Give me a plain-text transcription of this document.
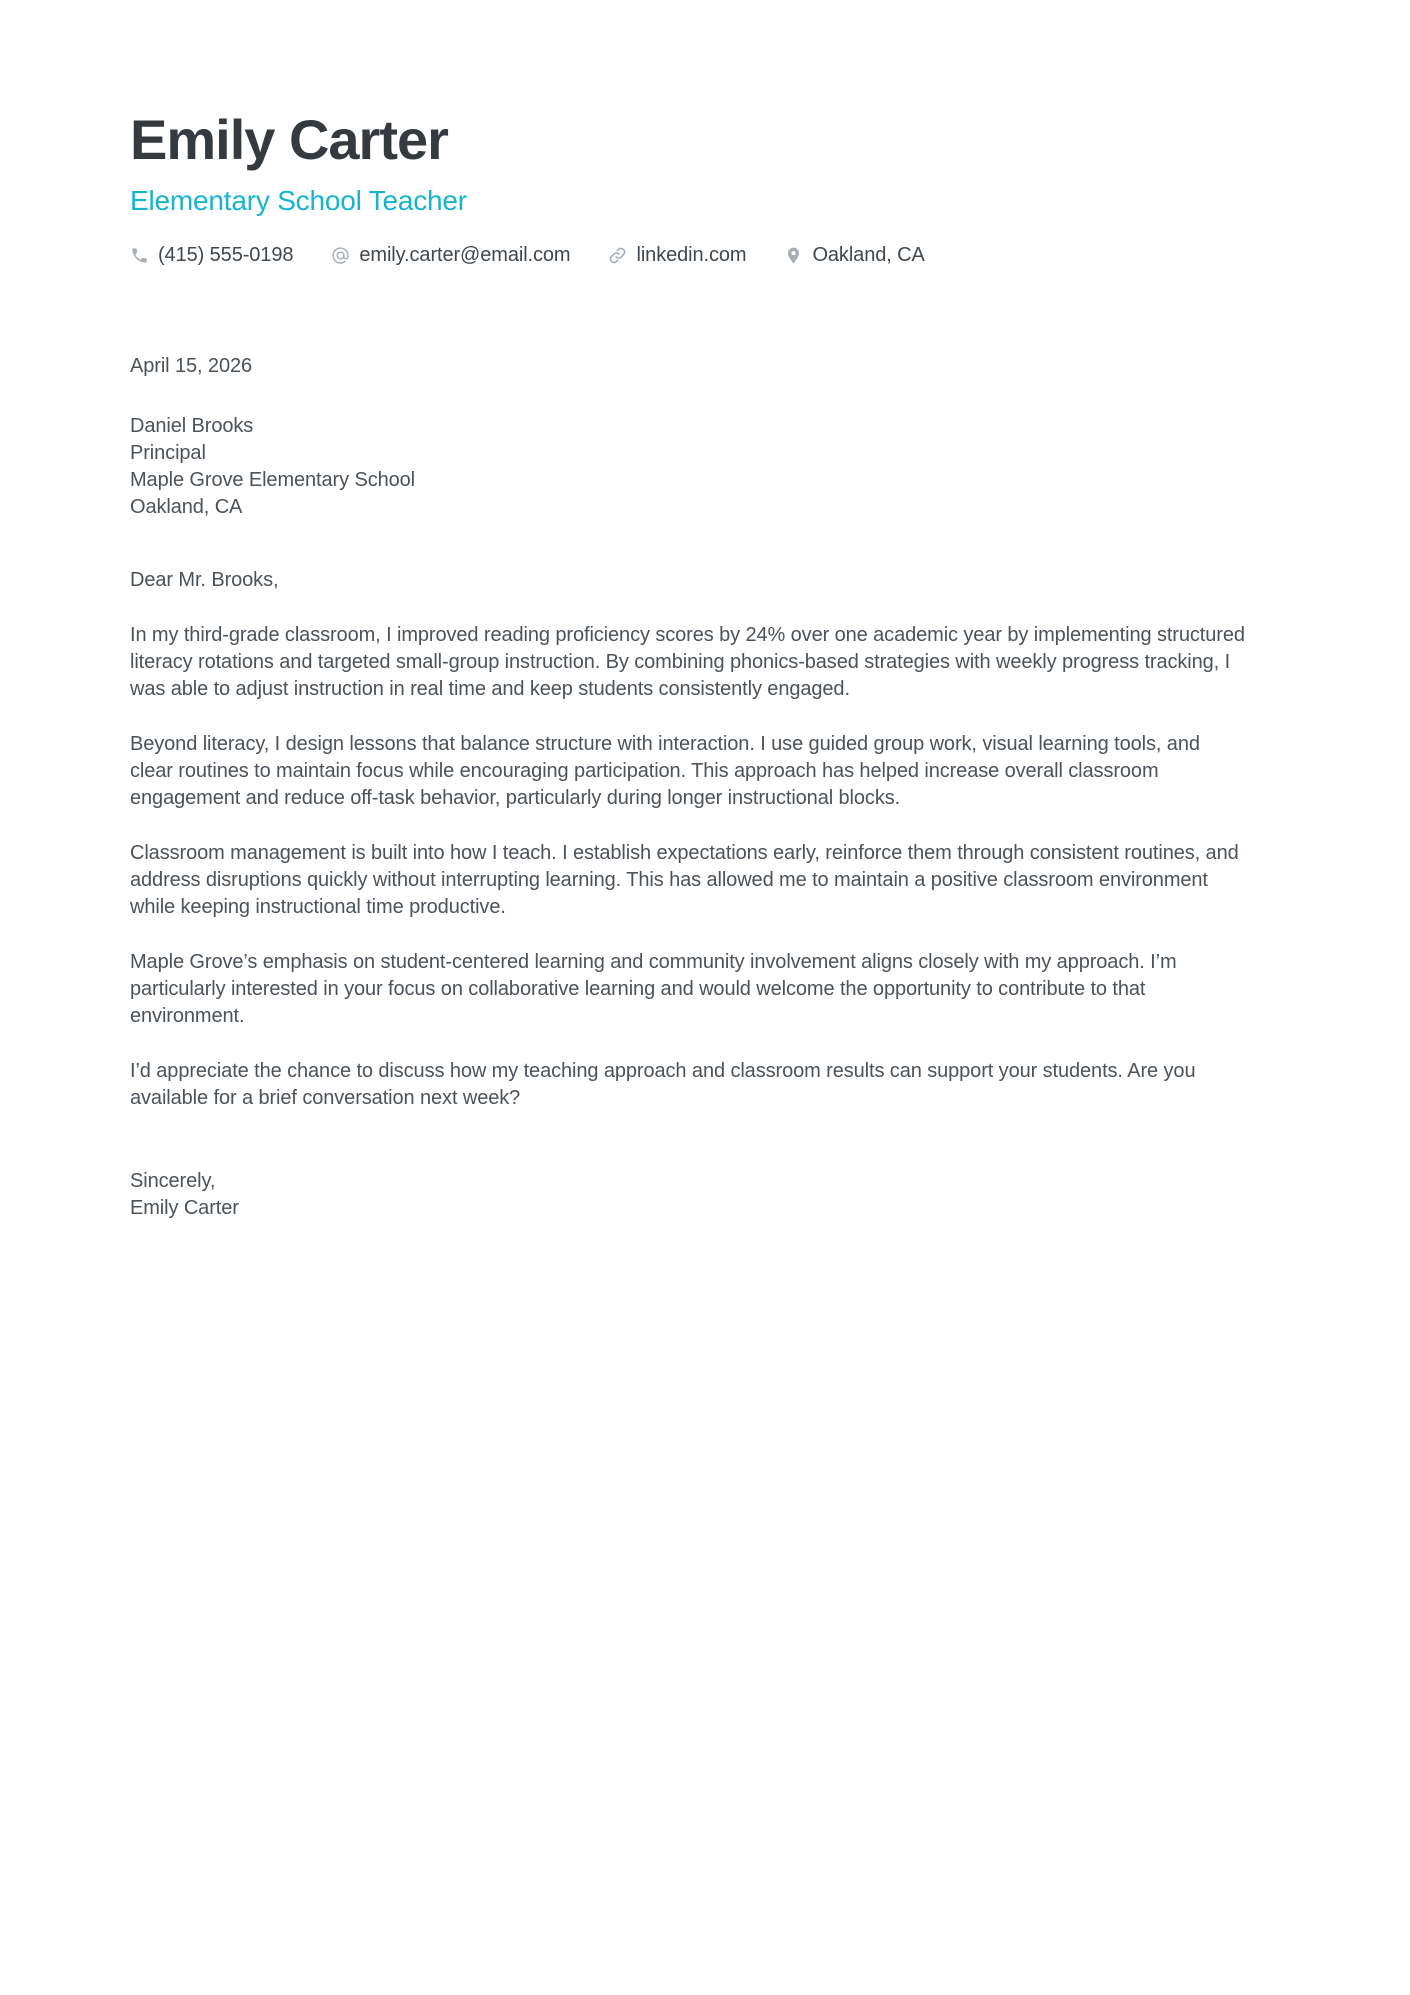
Emily Carter
Elementary School Teacher
(415) 555-0198	emily.carter@email.com	linkedin.com	Oakland, CA
April 15, 2026
Daniel Brooks
Principal
Maple Grove Elementary School
Oakland, CA
Dear Mr. Brooks,

In my third-grade classroom, I improved reading proficiency scores by 24% over one academic year by implementing structured literacy rotations and targeted small-group instruction. By combining phonics-based strategies with weekly progress tracking, I was able to adjust instruction in real time and keep students consistently engaged.

Beyond literacy, I design lessons that balance structure with interaction. I use guided group work, visual learning tools, and clear routines to maintain focus while encouraging participation. This approach has helped increase overall classroom engagement and reduce off-task behavior, particularly during longer instructional blocks.

Classroom management is built into how I teach. I establish expectations early, reinforce them through consistent routines, and address disruptions quickly without interrupting learning. This has allowed me to maintain a positive classroom environment while keeping instructional time productive.

Maple Grove’s emphasis on student-centered learning and community involvement aligns closely with my approach. I’m particularly interested in your focus on collaborative learning and would welcome the opportunity to contribute to that environment.

I’d appreciate the chance to discuss how my teaching approach and classroom results can support your students. Are you available for a brief conversation next week?

Sincerely,
Emily Carter
